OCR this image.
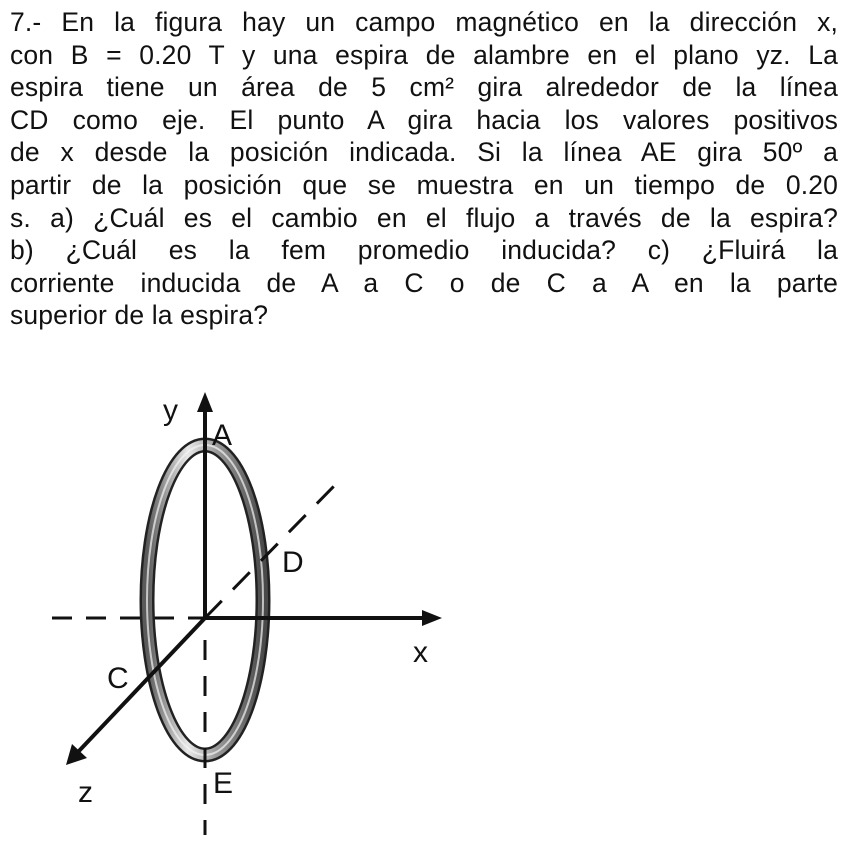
7.- En la figura hay un campo magnético en la dirección x,
con B = 0.20 T y una espira de alambre en el plano yz. La
espira tiene un área de 5 cm² gira alrededor de la línea
CD como eje. El punto A gira hacia los valores positivos
de x desde la posición indicada. Si la línea AE gira 50º a
partir de la posición que se muestra en un tiempo de 0.20
s. a) ¿Cuál es el cambio en el flujo a través de la espira?
b) ¿Cuál es la fem promedio inducida? c) ¿Fluirá la
corriente inducida de A a C o de C a A en la parte
superior de la espira?
y
A
D
x
C
E
z
